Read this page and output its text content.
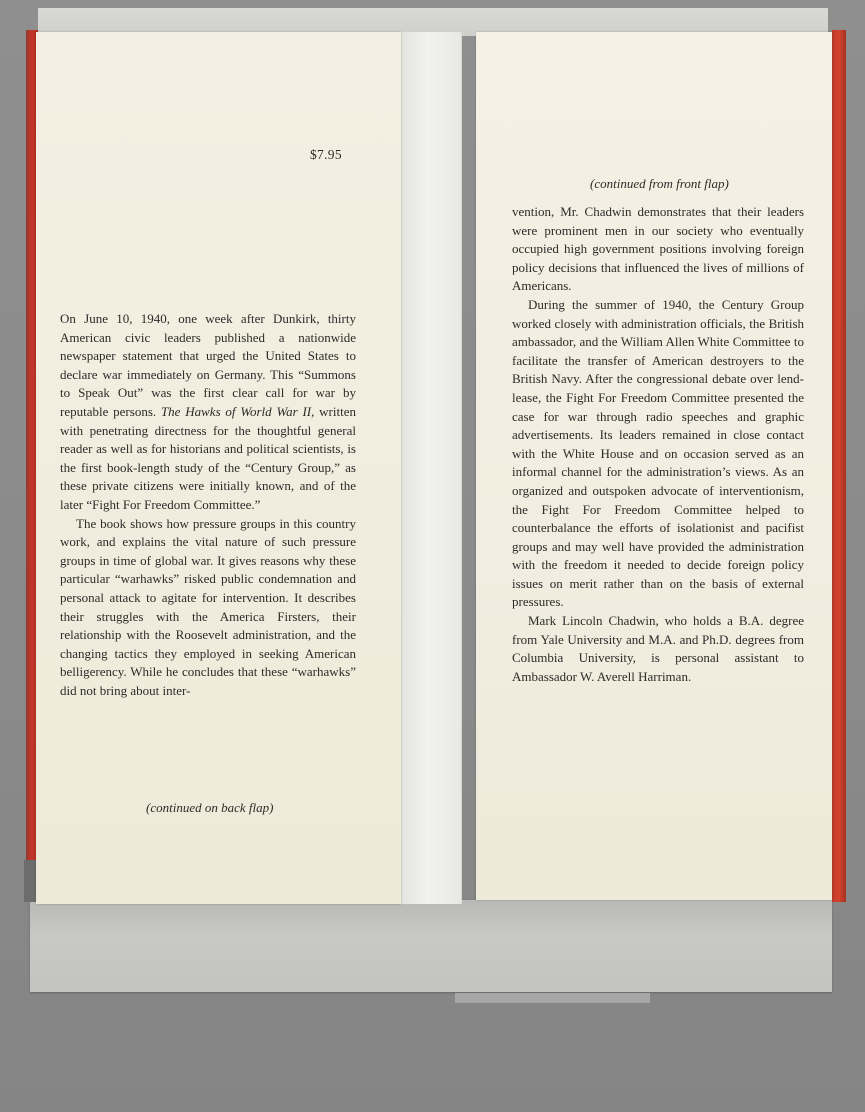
$7.95

On June 10, 1940, one week after Dunkirk, thirty American civic leaders published a nationwide newspaper statement that urged the United States to declare war immediately on Germany. This “Summons to Speak Out” was the first clear call for war by reputable persons. The Hawks of World War II, written with penetrating directness for the thoughtful general reader as well as for historians and political scientists, is the first book-length study of the “Century Group,” as these private citizens were initially known, and of the later “Fight For Freedom Committee.”

The book shows how pressure groups in this country work, and explains the vital nature of such pressure groups in time of global war. It gives reasons why these particular “warhawks” risked public condemnation and personal attack to agitate for intervention. It describes their struggles with the America Firsters, their relationship with the Roosevelt administration, and the changing tactics they employed in seeking American belligerency. While he concludes that these “warhawks” did not bring about inter-

(continued on back flap)
(continued from front flap)

vention, Mr. Chadwin demonstrates that their leaders were prominent men in our society who eventually occupied high government positions involving foreign policy decisions that influenced the lives of millions of Americans.

During the summer of 1940, the Century Group worked closely with administration officials, the British ambassador, and the William Allen White Committee to facilitate the transfer of American destroyers to the British Navy. After the congressional debate over lend-lease, the Fight For Freedom Committee presented the case for war through radio speeches and graphic advertisements. Its leaders remained in close contact with the White House and on occasion served as an informal channel for the administration’s views. As an organized and outspoken advocate of interventionism, the Fight For Freedom Committee helped to counterbalance the efforts of isolationist and pacifist groups and may well have provided the administration with the freedom it needed to decide foreign policy issues on merit rather than on the basis of external pressures.

Mark Lincoln Chadwin, who holds a B.A. degree from Yale University and M.A. and Ph.D. degrees from Columbia University, is personal assistant to Ambassador W. Averell Harriman.
